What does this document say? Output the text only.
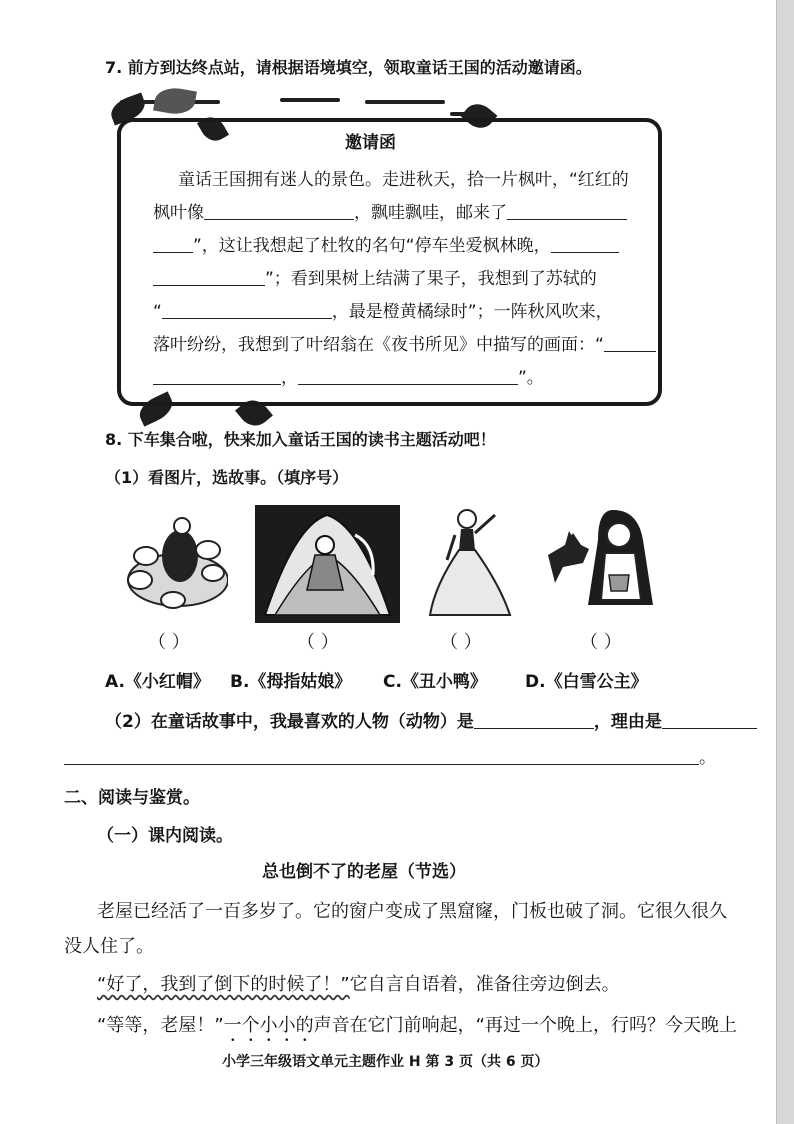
7. 前方到达终点站，请根据语境填空，领取童话王国的活动邀请函。
邀请函
童话王国拥有迷人的景色。走进秋天，拾一片枫叶，“红红的
枫叶像	，飘哇飘哇，邮来了
”，这让我想起了杜牧的名句“停车坐爱枫林晚，
”；看到果树上结满了果子，我想到了苏轼的
“	，最是橙黄橘绿时”；一阵秋风吹来，
落叶纷纷，我想到了叶绍翁在《夜书所见》中描写的画面：“
，	”。
8. 下车集合啦，快来加入童话王国的读书主题活动吧！
（1）看图片，选故事。（填序号）
（ ）	（ ）	（ ）	（ ）
A.《小红帽》 B.《拇指姑娘》 C.《丑小鸭》 D.《白雪公主》
（2）在童话故事中，我最喜欢的人物（动物）是	，理由是
。
二、阅读与鉴赏。
（一）课内阅读。
总也倒不了的老屋（节选）
老屋已经活了一百多岁了。它的窗户变成了黑窟窿，门板也破了洞。它很久很久
没人住了。
“好了，我到了倒下的时候了！”它自言自语着，准备往旁边倒去。
“等等，老屋！”一个小小的声音在它门前响起，“再过一个晚上，行吗？今天晚上
小学三年级语文单元主题作业 H 第 3 页（共 6 页）
